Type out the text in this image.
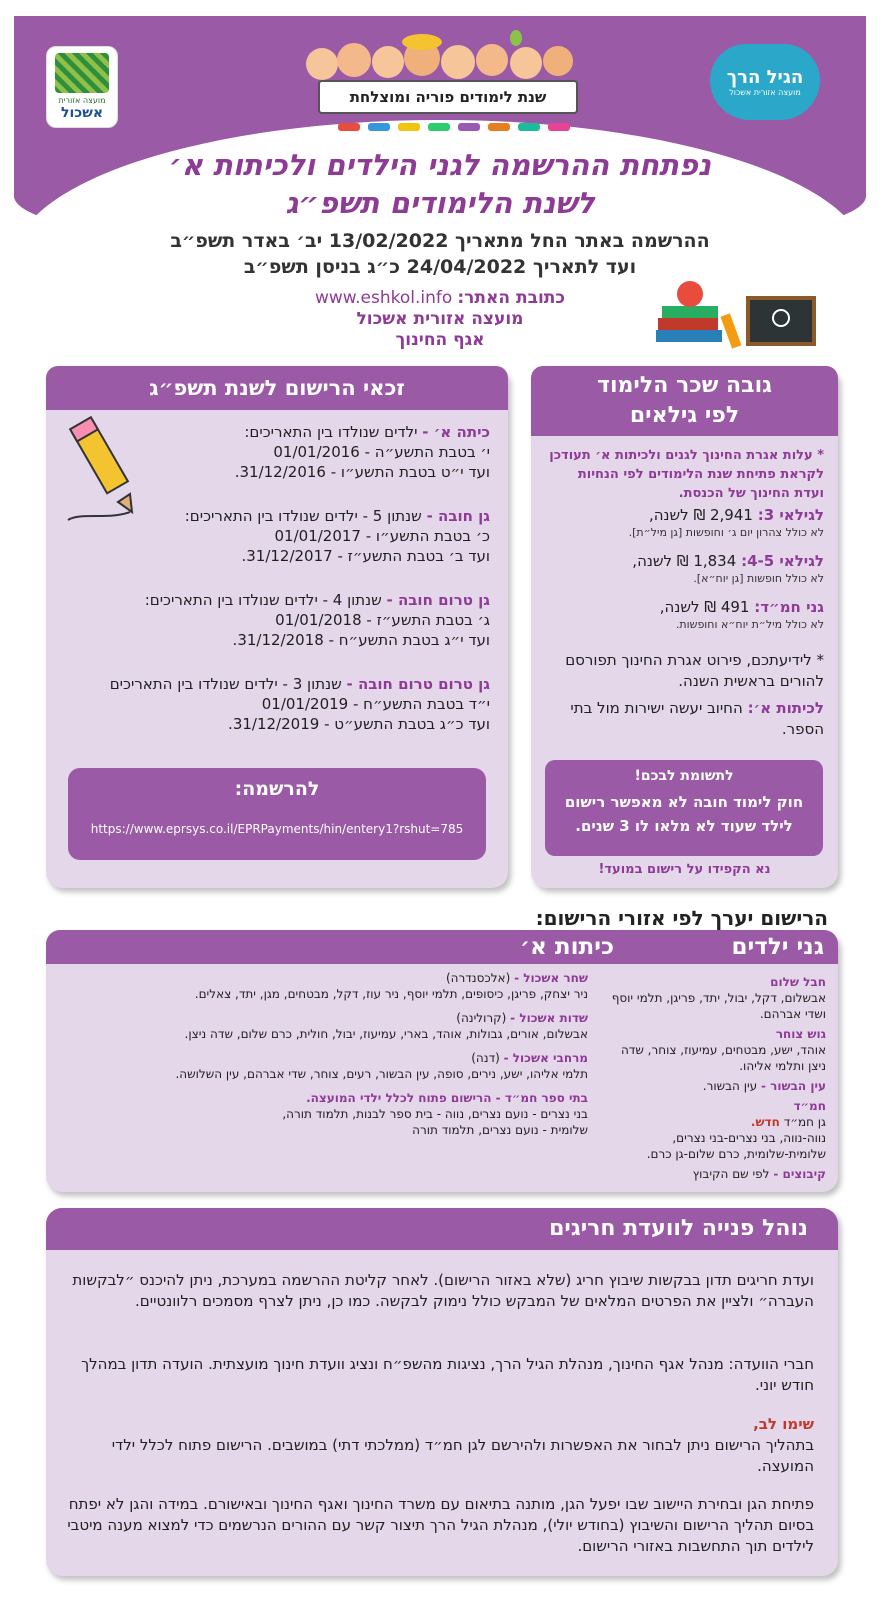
מועצה אזורית
אשכול
הגיל הרך
מועצה אזורית אשכול
שנת לימודים פוריה ומוצלחת
נפתחת ההרשמה לגני הילדים ולכיתות א׳
לשנת הלימודים תשפ״ג
ההרשמה באתר החל מתאריך 13/02/2022 יב׳ באדר תשפ״ב
ועד לתאריך 24/04/2022 כ״ג בניסן תשפ״ב
כתובת האתר: www.eshkol.info
מועצה אזורית אשכול
אגף החינוך
גובה שכר הלימוד
לפי גילאים
* עלות אגרת החינוך לגנים ולכיתות א׳ תעודכן לקראת פתיחת שנת הלימודים לפי הנחיות ועדת החינוך של הכנסת.
לגילאי 3: 2,941 ₪ לשנה,
לא כולל צהרון יום ג׳ וחופשות [גן מיל״ת].
לגילאי 4-5: 1,834 ₪ לשנה,
לא כולל חופשות [גן יוח״א].
גני חמ״ד: 491 ₪ לשנה,
לא כולל מיל״ת יוח״א וחופשות.
* לידיעתכם, פירוט אגרת החינוך תפורסם להורים בראשית השנה.
לכיתות א׳: החיוב יעשה ישירות מול בתי הספר.
לתשומת לבכם!
חוק לימוד חובה לא מאפשר רישום לילד שעוד לא מלאו לו 3 שנים.
נא הקפידו על רישום במועד!
זכאי הרישום לשנת תשפ״ג
כיתה א׳ - ילדים שנולדו בין התאריכים:
י׳ בטבת התשע״ה - 01/01/2016
ועד י״ט בטבת התשע״ו - 31/12/2016.
גן חובה - שנתון 5 - ילדים שנולדו בין התאריכים:
כ׳ בטבת התשע״ו - 01/01/2017
ועד ב׳ בטבת התשע״ז - 31/12/2017.
גן טרום חובה - שנתון 4 - ילדים שנולדו בין התאריכים:
ג׳ בטבת התשע״ז - 01/01/2018
ועד י״ג בטבת התשע״ח - 31/12/2018.
גן טרום טרום חובה - שנתון 3 - ילדים שנולדו בין התאריכים
י״ד בטבת התשע״ח - 01/01/2019
ועד כ״ג בטבת התשע״ט - 31/12/2019.
להרשמה:
https://www.eprsys.co.il/EPRPayments/hin/entery1?rshut=785
הרישום יערך לפי אזורי הרישום:
גני ילדים
כיתות א׳
חבל שלום
אבשלום, דקל, יבול, יתד, פריגן, תלמי יוסף ושדי אברהם.
גוש צוחר
אוהד, ישע, מבטחים, עמיעוז, צוחר, שדה ניצן ותלמי אליהו.
עין הבשור - עין הבשור.
חמ״ד
גן חמ״ד חדש.
נווה-נווה, בני נצרים-בני נצרים, שלומית-שלומית, כרם שלום-גן כרם.
קיבוצים - לפי שם הקיבוץ
שחר אשכול - (אלכסנדרה)
ניר יצחק, פריגן, כיסופים, תלמי יוסף, ניר עוז, דקל, מבטחים, מגן, יתד, צאלים.
שדות אשכול - (קרולינה)
אבשלום, אורים, גבולות, אוהד, בארי, עמיעוז, יבול, חולית, כרם שלום, שדה ניצן.
מרחבי אשכול - (דנה)
תלמי אליהו, ישע, נירים, סופה, עין הבשור, רעים, צוחר, שדי אברהם, עין השלושה.
בתי ספר חמ״ד - הרישום פתוח לכלל ילדי המועצה.
בני נצרים - נועם נצרים, נווה - בית ספר לבנות, תלמוד תורה, שלומית - נועם נצרים, תלמוד תורה
נוהל פנייה לוועדת חריגים
ועדת חריגים תדון בבקשות שיבוץ חריג (שלא באזור הרישום). לאחר קליטת ההרשמה במערכת, ניתן להיכנס ״לבקשות העברה״ ולציין את הפרטים המלאים של המבקש כולל נימוק לבקשה. כמו כן, ניתן לצרף מסמכים רלוונטיים.
חברי הוועדה: מנהל אגף החינוך, מנהלת הגיל הרך, נציגות מהשפ״ח ונציג וועדת חינוך מועצתית. הועדה תדון במהלך חודש יוני.
שימו לב,
בתהליך הרישום ניתן לבחור את האפשרות ולהירשם לגן חמ״ד (ממלכתי דתי) במושבים. הרישום פתוח לכלל ילדי המועצה.
פתיחת הגן ובחירת היישוב שבו יפעל הגן, מותנה בתיאום עם משרד החינוך ואגף החינוך ובאישורם. במידה והגן לא יפתח בסיום תהליך הרישום והשיבוץ (בחודש יולי), מנהלת הגיל הרך תיצור קשר עם ההורים הנרשמים כדי למצוא מענה מיטבי לילדים תוך התחשבות באזורי הרישום.
